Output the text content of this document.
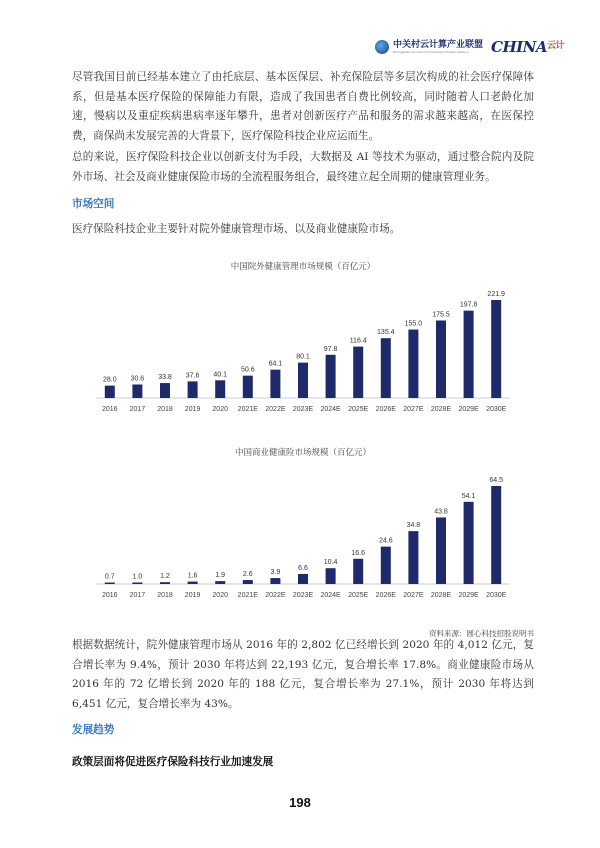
中关村云计算产业联盟
Zhongguancun Cloud Computing Industry Alliance	$CHINA^{云计}$
尽管我国目前已经基本建立了由托底层、基本医保层、补充保险层等多层次构成的社会医疗保障体系，但是基本医疗保险的保障能力有限，造成了我国患者自费比例较高，同时随着人口老龄化加速，慢病以及重症疾病患病率逐年攀升，患者对创新医疗产品和服务的需求越来越高，在医保控费，商保尚未发展完善的大背景下，医疗保险科技企业应运而生。
总的来说，医疗保险科技企业以创新支付为手段，大数据及 AI 等技术为驱动，通过整合院内及院外市场、社会及商业健康保险市场的全流程服务组合，最终建立起全周期的健康管理业务。
市场空间
医疗保险科技企业主要针对院外健康管理市场、以及商业健康险市场。
中国院外健康管理市场规模（百亿元）
28.0
2016
30.6
2017
33.8
2018
37.6
2019
40.1
2020
50.6
2021E
64.1
2022E
80.1
2023E
97.8
2024E
116.4
2025E
135.4
2026E
155.0
2027E
175.5
2028E
197.8
2029E
221.9
2030E
中国商业健康险市场规模（百亿元）
0.7
2016
1.0
2017
1.2
2018
1.6
2019
1.9
2020
2.6
2021E
3.9
2022E
6.6
2023E
10.4
2024E
16.6
2025E
24.6
2026E
34.8
2027E
43.8
2028E
54.1
2029E
64.5
2030E
资料来源：圆心科技招股说明书
根据数据统计，院外健康管理市场从 2016 年的 2,802 亿已经增长到 2020 年的 4,012 亿元，复合增长率为 9.4%，预计 2030 年将达到 22,193 亿元，复合增长率 17.8%。商业健康险市场从 2016 年的 72 亿增长到 2020 年的 188 亿元，复合增长率为 27.1%，预计 2030 年将达到 6,451 亿元，复合增长率为 43%。
发展趋势
政策层面将促进医疗保险科技行业加速发展
198
